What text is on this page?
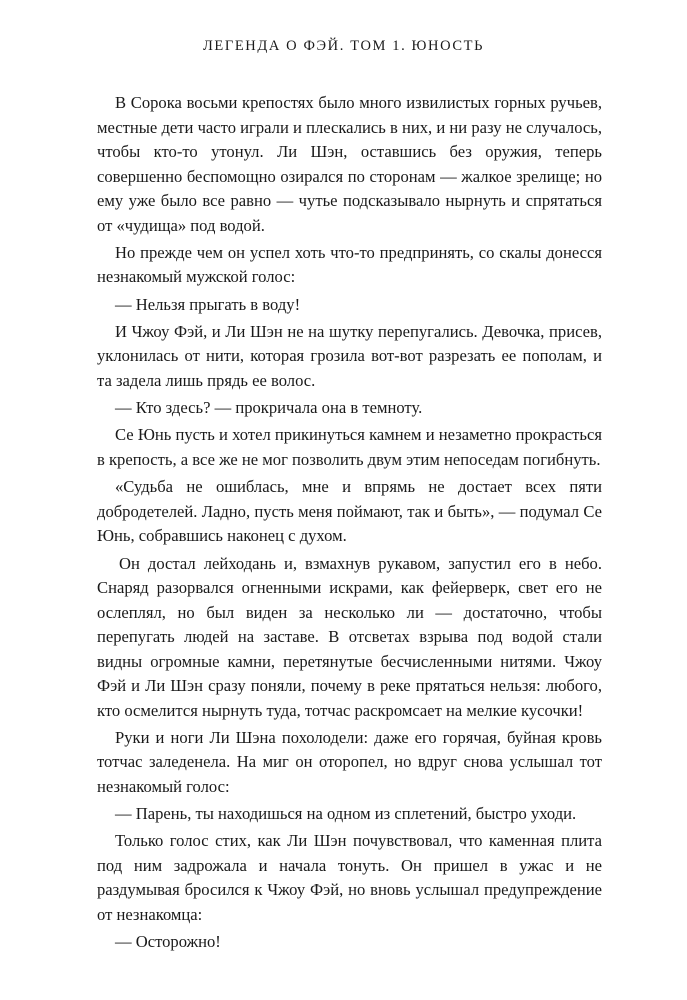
ЛЕГЕНДА О ФЭЙ. ТОМ 1. ЮНОСТЬ

В Сорока восьми крепостях было много извилистых горных ручьев, местные дети часто играли и плескались в них, и ни разу не случалось, чтобы кто-то утонул. Ли Шэн, оставшись без оружия, теперь совершенно беспомощно озирался по сторонам — жалкое зрелище; но ему уже было все равно — чутье подсказывало нырнуть и спрятаться от «чудища» под водой.

Но прежде чем он успел хоть что-то предпринять, со скалы донесся незнакомый мужской голос:

— Нельзя прыгать в воду!

И Чжоу Фэй, и Ли Шэн не на шутку перепугались. Девочка, присев, уклонилась от нити, которая грозила вот-вот разрезать ее пополам, и та задела лишь прядь ее волос.

— Кто здесь? — прокричала она в темноту.

Се Юнь пусть и хотел прикинуться камнем и незаметно прокрасться в крепость, а все же не мог позволить двум этим непоседам погибнуть.

«Судьба не ошиблась, мне и впрямь не достает всех пяти добродетелей. Ладно, пусть меня поймают, так и быть», — подумал Се Юнь, собравшись наконец с духом.

Он достал лейходань и, взмахнув рукавом, запустил его в небо. Снаряд разорвался огненными искрами, как фейерверк, свет его не ослеплял, но был виден за несколько ли — достаточно, чтобы перепугать людей на заставе. В отсветах взрыва под водой стали видны огромные камни, перетянутые бесчисленными нитями. Чжоу Фэй и Ли Шэн сразу поняли, почему в реке прятаться нельзя: любого, кто осмелится нырнуть туда, тотчас раскромсает на мелкие кусочки!

Руки и ноги Ли Шэна похолодели: даже его горячая, буйная кровь тотчас заледенела. На миг он оторопел, но вдруг снова услышал тот незнакомый голос:

— Парень, ты находишься на одном из сплетений, быстро уходи.

Только голос стих, как Ли Шэн почувствовал, что каменная плита под ним задрожала и начала тонуть. Он пришел в ужас и не раздумывая бросился к Чжоу Фэй, но вновь услышал предупреждение от незнакомца:

— Осторожно!
